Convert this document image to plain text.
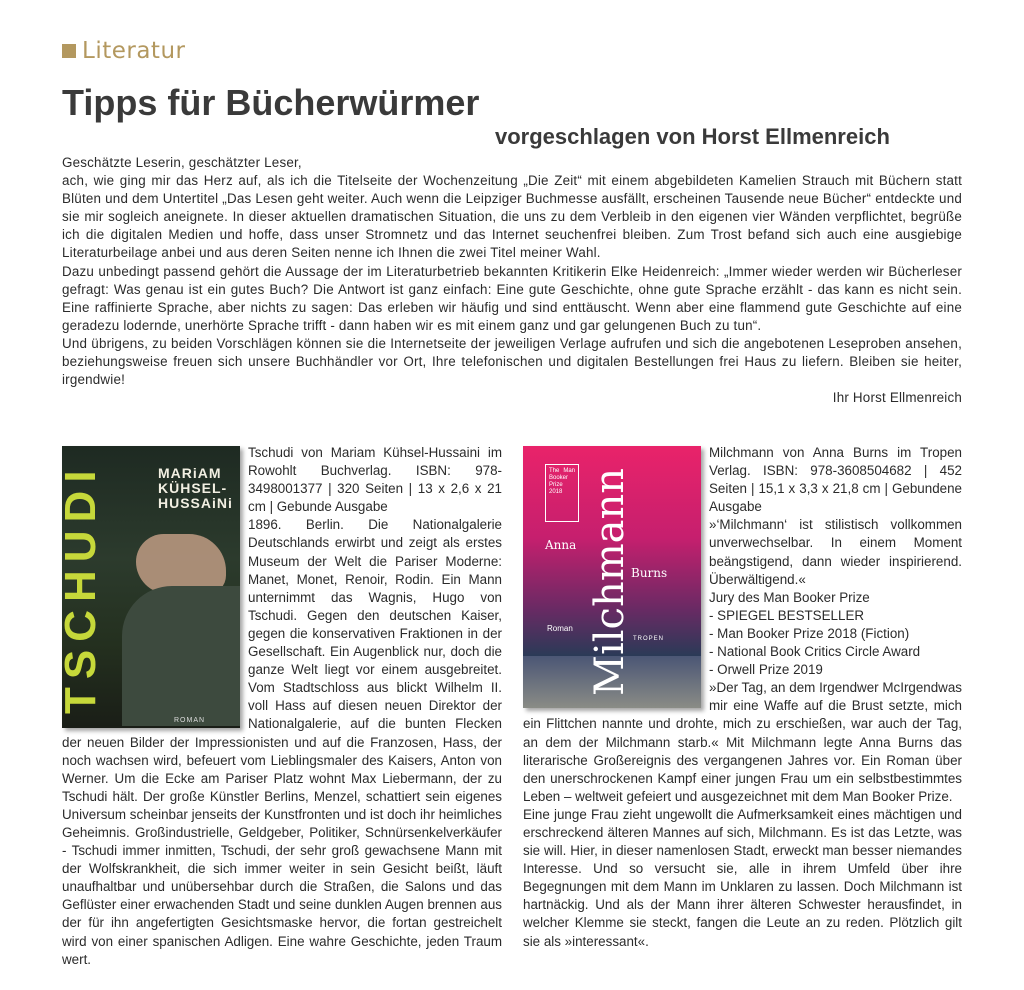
Literatur
Tipps für Bücherwürmer
vorgeschlagen von Horst Ellmenreich

Geschätzte Leserin, geschätzter Leser,

ach, wie ging mir das Herz auf, als ich die Titelseite der Wochenzeitung „Die Zeit“ mit einem abgebildeten Kamelien Strauch mit Büchern statt Blüten und dem Untertitel „Das Lesen geht weiter. Auch wenn die Leipziger Buchmesse ausfällt, erscheinen Tausende neue Bücher“ entdeckte und sie mir sogleich aneignete. In dieser aktuellen dramatischen Situation, die uns zu dem Verbleib in den eigenen vier Wänden verpflichtet, begrüße ich die digitalen Medien und hoffe, dass unser Stromnetz und das Internet seuchenfrei bleiben. Zum Trost befand sich auch eine ausgiebige Literaturbeilage anbei und aus deren Seiten nenne ich Ihnen die zwei Titel meiner Wahl.

Dazu unbedingt passend gehört die Aussage der im Literaturbetrieb bekannten Kritikerin Elke Heidenreich: „Immer wieder werden wir Bücherleser gefragt: Was genau ist ein gutes Buch? Die Antwort ist ganz einfach: Eine gute Geschichte, ohne gute Sprache erzählt - das kann es nicht sein. Eine raffinierte Sprache, aber nichts zu sagen: Das erleben wir häufig und sind enttäuscht. Wenn aber eine flammend gute Geschichte auf eine geradezu lodernde, unerhörte Sprache trifft - dann haben wir es mit einem ganz und gar gelungenen Buch zu tun“.

Und übrigens, zu beiden Vorschlägen können sie die Internetseite der jeweiligen Verlage aufrufen und sich die angebotenen Leseproben ansehen, beziehungsweise freuen sich unsere Buchhändler vor Ort, Ihre telefonischen und digitalen Bestellungen frei Haus zu liefern. Bleiben sie heiter, irgendwie!

Ihr Horst Ellmenreich

MARiAM KÜHSEL-HUSSAiNi
TSCHUDI
ROMAN

Tschudi von Mariam Kühsel-Hussaini im Rowohlt Buchverlag. ISBN: 978-3498001377 | 320 Seiten | 13 x 2,6 x 21 cm | Gebunde Ausgabe

1896. Berlin. Die Nationalgalerie Deutschlands erwirbt und zeigt als erstes Museum der Welt die Pariser Moderne: Manet, Monet, Renoir, Rodin. Ein Mann unternimmt das Wagnis, Hugo von Tschudi. Gegen den deutschen Kaiser, gegen die konservativen Fraktionen in der Gesellschaft. Ein Augenblick nur, doch die ganze Welt liegt vor einem ausgebreitet. Vom Stadtschloss aus blickt Wilhelm II. voll Hass auf diesen neuen Direktor der Nationalgalerie, auf die bunten Flecken der neuen Bilder der Impressionisten und auf die Franzosen, Hass, der noch wachsen wird, befeuert vom Lieblingsmaler des Kaisers, Anton von Werner. Um die Ecke am Pariser Platz wohnt Max Liebermann, der zu Tschudi hält. Der große Künstler Berlins, Menzel, schattiert sein eigenes Universum scheinbar jenseits der Kunstfronten und ist doch ihr heimliches Geheimnis. Großindustrielle, Geldgeber, Politiker, Schnürsenkelverkäufer - Tschudi immer inmitten, Tschudi, der sehr groß gewachsene Mann mit der Wolfskrankheit, die sich immer weiter in sein Gesicht beißt, läuft unaufhaltbar und unübersehbar durch die Straßen, die Salons und das Geflüster einer erwachenden Stadt und seine dunklen Augen brennen aus der für ihn angefertigten Gesichtsmaske hervor, die fortan gestreichelt wird von einer spanischen Adligen. Eine wahre Geschichte, jeden Traum wert.

The Man Booker Prize 2018
Anna
Burns
Roman
TROPEN
Milchmann

Milchmann von Anna Burns im Tropen Verlag. ISBN: 978-3608504682 | 452 Seiten | 15,1 x 3,3 x 21,8 cm | Gebundene Ausgabe

»‘Milchmann‘ ist stilistisch vollkommen unverwechselbar. In einem Moment beängstigend, dann wieder inspirierend. Überwältigend.«

Jury des Man Booker Prize

- SPIEGEL BESTSELLER

- Man Booker Prize 2018 (Fiction)

- National Book Critics Circle Award

- Orwell Prize 2019

»Der Tag, an dem Irgendwer McIrgendwas mir eine Waffe auf die Brust setzte, mich ein Flittchen nannte und drohte, mich zu erschießen, war auch der Tag, an dem der Milchmann starb.« Mit Milchmann legte Anna Burns das literarische Großereignis des vergangenen Jahres vor. Ein Roman über den unerschrockenen Kampf einer jungen Frau um ein selbstbestimmtes Leben – weltweit gefeiert und ausgezeichnet mit dem Man Booker Prize.

Eine junge Frau zieht ungewollt die Aufmerksamkeit eines mächtigen und erschreckend älteren Mannes auf sich, Milchmann. Es ist das Letzte, was sie will. Hier, in dieser namenlosen Stadt, erweckt man besser niemandes Interesse. Und so versucht sie, alle in ihrem Umfeld über ihre Begegnungen mit dem Mann im Unklaren zu lassen. Doch Milchmann ist hartnäckig. Und als der Mann ihrer älteren Schwester herausfindet, in welcher Klemme sie steckt, fangen die Leute an zu reden. Plötzlich gilt sie als »interessant«.
